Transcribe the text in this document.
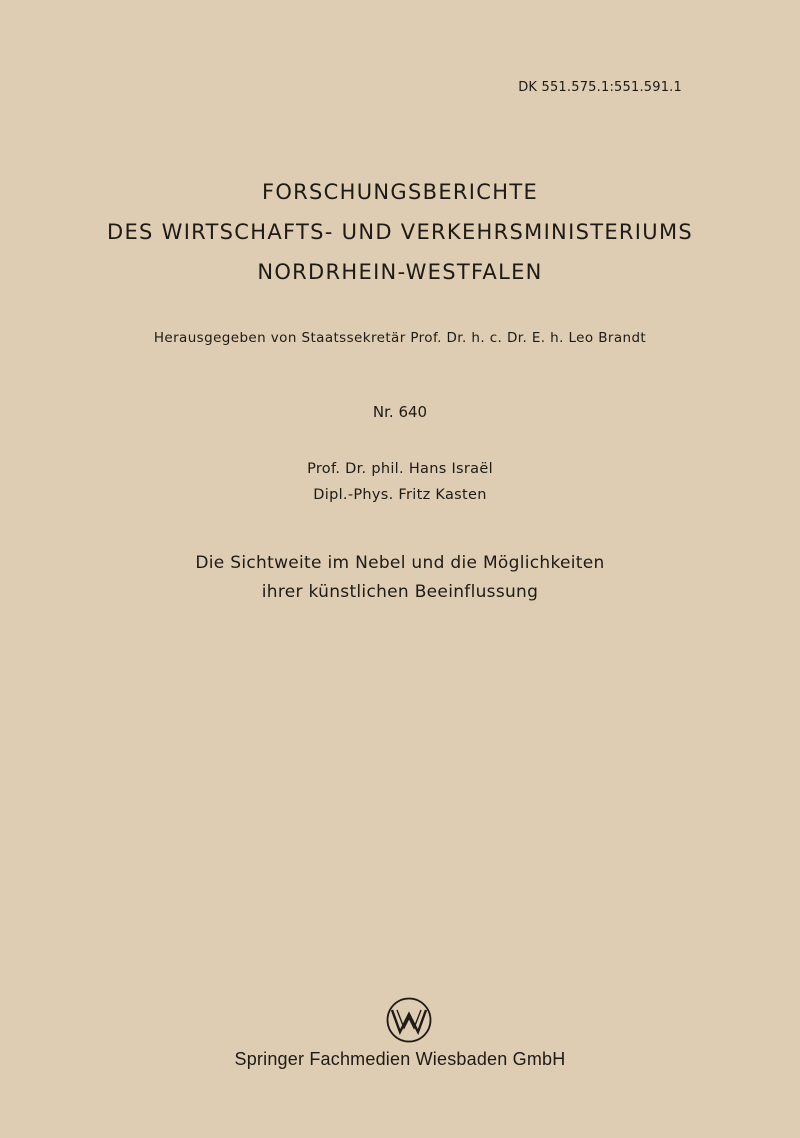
DK 551.575.1:551.591.1
FORSCHUNGSBERICHTE
DES WIRTSCHAFTS- UND VERKEHRSMINISTERIUMS
NORDRHEIN-WESTFALEN
Herausgegeben von Staatssekretär Prof. Dr. h. c. Dr. E. h. Leo Brandt
Nr. 640
Prof. Dr. phil. Hans Israël
Dipl.-Phys. Fritz Kasten
Die Sichtweite im Nebel und die Möglichkeiten
ihrer künstlichen Beeinflussung
Springer Fachmedien Wiesbaden GmbH
